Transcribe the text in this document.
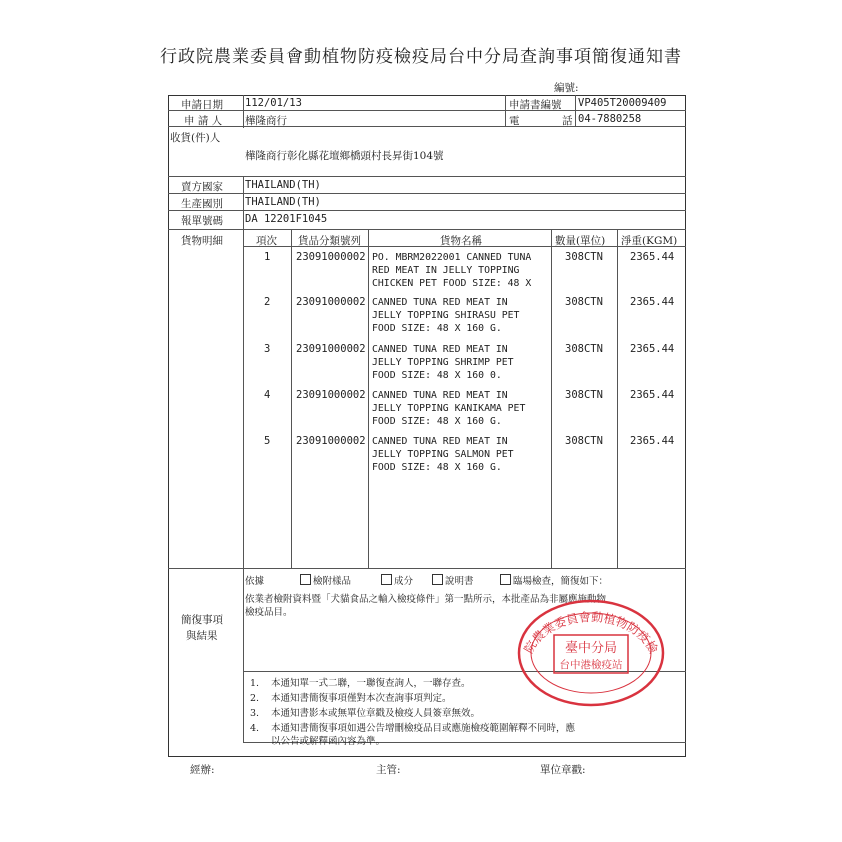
行政院農業委員會動植物防疫檢疫局台中分局查詢事項簡復通知書
編號:
申請日期 112/01/13	申請書編號 VP405T20009409
申 請 人 樺隆商行	電	話 04-7880258
收貨(件)人
樺隆商行彰化縣花壇鄉橋頭村長昇街104號
賣方國家 THAILAND(TH)
生產國別 THAILAND(TH)
報單號碼 DA 12201F1045
貨物明細	項次 貨品分類號列	貨物名稱	數量(單位) 淨重(KGM)
1 23091000002 PO. MBRM2022001 CANNED TUNA
RED MEAT IN JELLY TOPPING
CHICKEN PET FOOD SIZE: 48 X
308CTN	2365.44
2 23091000002 CANNED TUNA RED MEAT IN
JELLY TOPPING SHIRASU PET
FOOD SIZE: 48 X 160 G.
308CTN	2365.44
3 23091000002 CANNED TUNA RED MEAT IN
JELLY TOPPING SHRIMP PET
FOOD SIZE: 48 X 160 0.
308CTN	2365.44
4 23091000002 CANNED TUNA RED MEAT IN
JELLY TOPPING KANIKAMA PET
FOOD SIZE: 48 X 160 G.
308CTN	2365.44
5 23091000002 CANNED TUNA RED MEAT IN
JELLY TOPPING SALMON PET
FOOD SIZE: 48 X 160 G.
308CTN	2365.44
簡復事項
與結果
依據	檢附樣品	成分	說明書	臨場檢查，簡復如下：
依業者檢附資料暨「犬貓食品之輸入檢疫條件」第一點所示，本批產品為非屬應施動物
檢疫品目。
院農業委員會動植物防疫檢
臺中分局
台中港檢疫站
1. 本通知單一式二聯，一聯復查詢人，一聯存查。
2. 本通知書簡復事項僅對本次查詢事項判定。
3. 本通知書影本或無單位章戳及檢疫人員簽章無效。
4. 本通知書簡復事項如遇公告增刪檢疫品目或應施檢疫範圍解釋不同時，應
以公告或解釋函內容為準。
經辦:	主管:	單位章戳:
